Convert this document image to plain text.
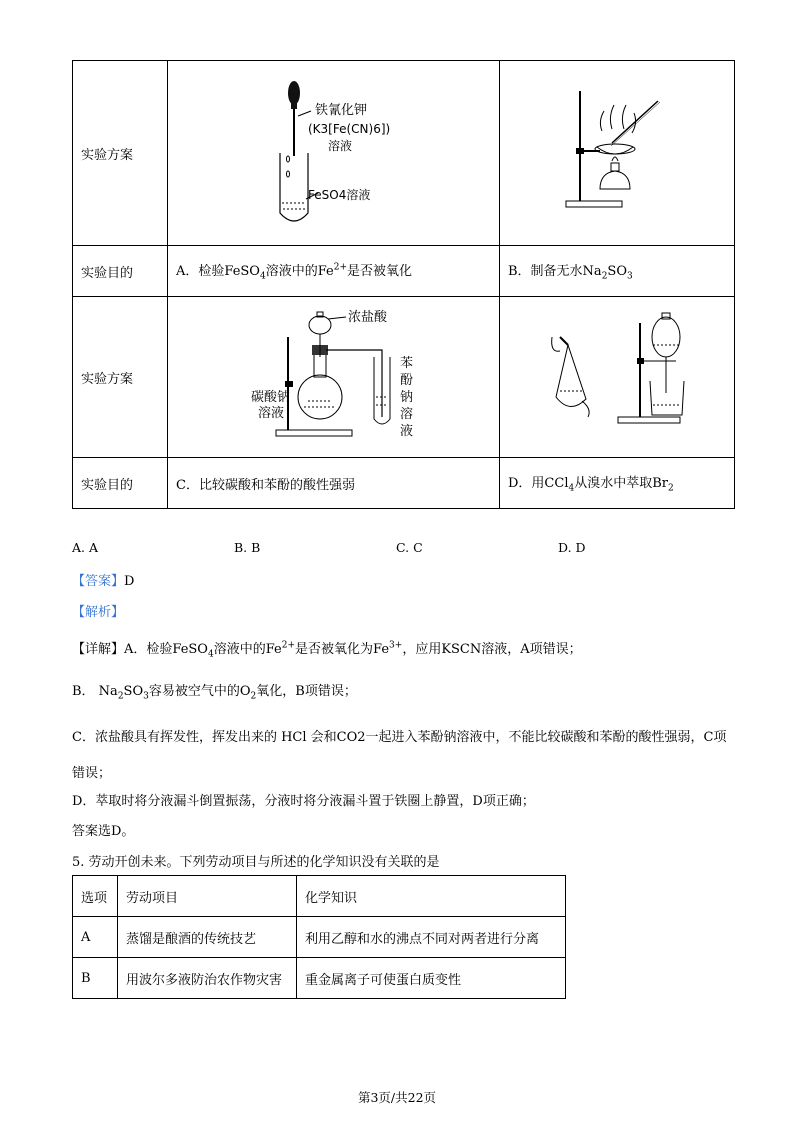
实验方案	铁氰化钾
(K3[Fe(CN)6])
溶液
FeSO4溶液

实验目的	A．检验FeSO$_4$溶液中的$Fe^{2+}$是否被氧化	B．制备无水$Na_2SO_3$
实验方案	浓盐酸
碳酸钠
溶液
苯酚钠溶液

实验目的	C．比较碳酸和苯酚的酸性强弱	D．用CCl$_4$从溴水中萃取$Br_2$
A. A	B. B	C. C	D. D
【答案】D
【解析】
【详解】A．检验FeSO$_4$溶液中的$Fe^{2+}$是否被氧化为$Fe^{3+}$，应用KSCN溶液，A项错误；
B． $Na_2SO_3$容易被空气中的$O_2$氧化，B项错误；
C．浓盐酸具有挥发性，挥发出来的 HCl 会和CO2一起进入苯酚钠溶液中，不能比较碳酸和苯酚的酸性强弱，C项错误；
D．萃取时将分液漏斗倒置振荡，分液时将分液漏斗置于铁圈上静置，D项正确；
答案选D。
5. 劳动开创未来。下列劳动项目与所述的化学知识没有关联的是
选项	劳动项目	化学知识
A	蒸馏是酿酒的传统技艺	利用乙醇和水的沸点不同对两者进行分离
B	用波尔多液防治农作物灾害	重金属离子可使蛋白质变性
第3页/共22页
